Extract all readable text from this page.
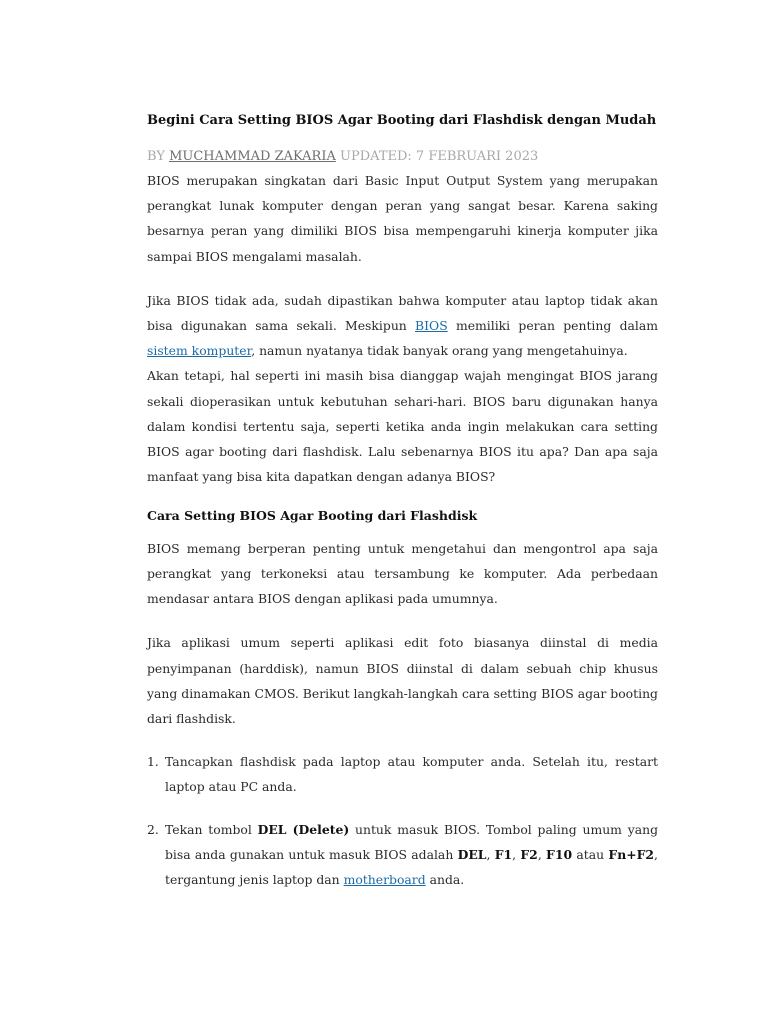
Begini Cara Setting BIOS Agar Booting dari Flashdisk dengan Mudah
BY MUCHAMMAD ZAKARIA UPDATED: 7 FEBRUARI 2023

BIOS merupakan singkatan dari Basic Input Output System yang merupakan perangkat lunak komputer dengan peran yang sangat besar. Karena saking besarnya peran yang dimiliki BIOS bisa mempengaruhi kinerja komputer jika sampai BIOS mengalami masalah.

Jika BIOS tidak ada, sudah dipastikan bahwa komputer atau laptop tidak akan bisa digunakan sama sekali. Meskipun BIOS memiliki peran penting dalam sistem komputer, namun nyatanya tidak banyak orang yang mengetahuinya.

Akan tetapi, hal seperti ini masih bisa dianggap wajah mengingat BIOS jarang sekali dioperasikan untuk kebutuhan sehari-hari. BIOS baru digunakan hanya dalam kondisi tertentu saja, seperti ketika anda ingin melakukan cara setting BIOS agar booting dari flashdisk. Lalu sebenarnya BIOS itu apa? Dan apa saja manfaat yang bisa kita dapatkan dengan adanya BIOS?

Cara Setting BIOS Agar Booting dari Flashdisk

BIOS memang berperan penting untuk mengetahui dan mengontrol apa saja perangkat yang terkoneksi atau tersambung ke komputer. Ada perbedaan mendasar antara BIOS dengan aplikasi pada umumnya.

Jika aplikasi umum seperti aplikasi edit foto biasanya diinstal di media penyimpanan (harddisk), namun BIOS diinstal di dalam sebuah chip khusus yang dinamakan CMOS. Berikut langkah-langkah cara setting BIOS agar booting dari flashdisk.

1. Tancapkan flashdisk pada laptop atau komputer anda. Setelah itu, restart laptop atau PC anda.
2. Tekan tombol DEL (Delete) untuk masuk BIOS. Tombol paling umum yang bisa anda gunakan untuk masuk BIOS adalah DEL, F1, F2, F10 atau Fn+F2, tergantung jenis laptop dan motherboard anda.
